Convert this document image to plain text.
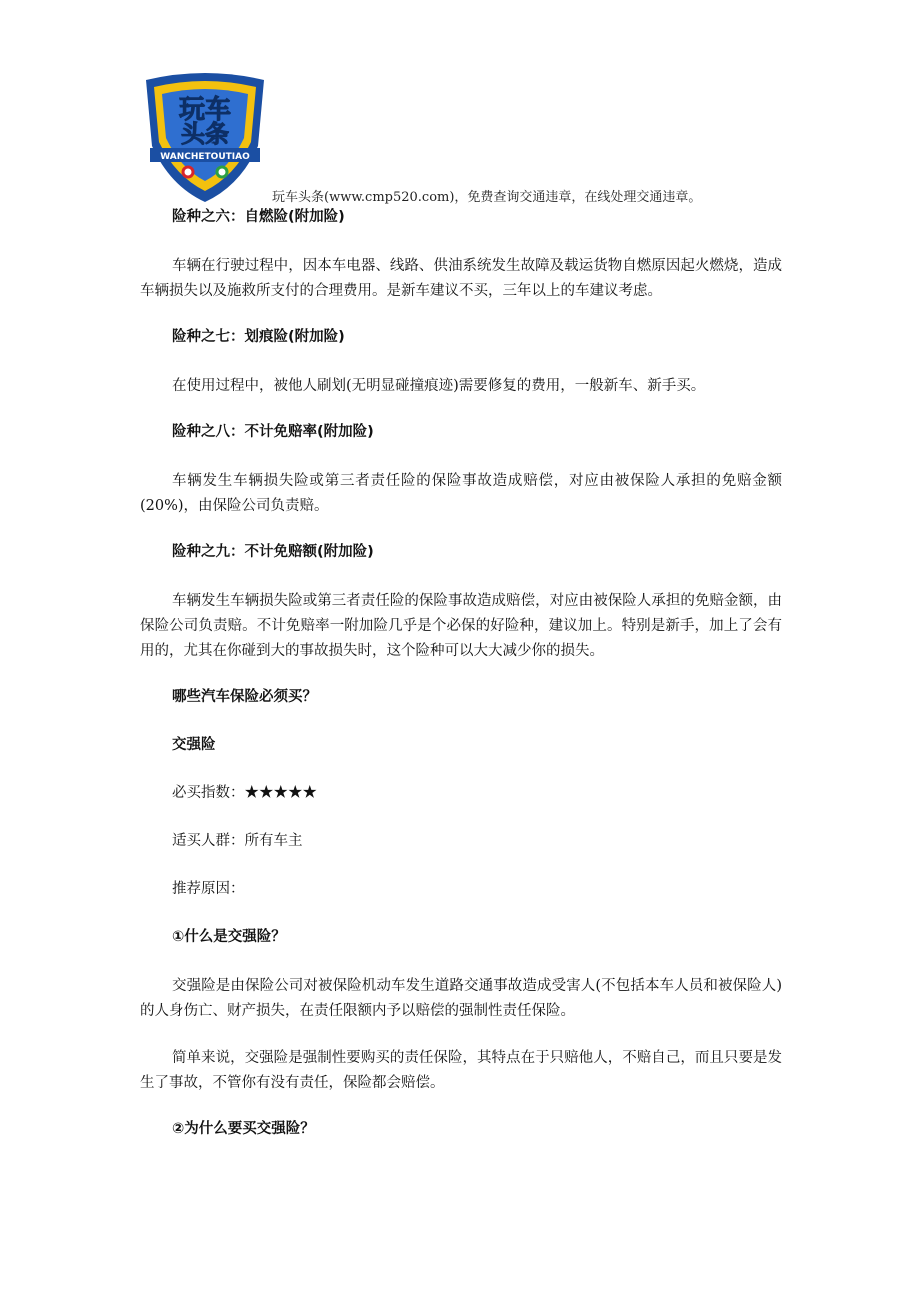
玩车
头条
WANCHETOUTIAO
玩车头条(www.cmp520.com)，免费查询交通违章，在线处理交通违章。

险种之六：自燃险(附加险)

车辆在行驶过程中，因本车电器、线路、供油系统发生故障及载运货物自燃原因起火燃烧，造成车辆损失以及施救所支付的合理费用。是新车建议不买，三年以上的车建议考虑。

险种之七：划痕险(附加险)

在使用过程中，被他人刷划(无明显碰撞痕迹)需要修复的费用，一般新车、新手买。

险种之八：不计免赔率(附加险)

车辆发生车辆损失险或第三者责任险的保险事故造成赔偿，对应由被保险人承担的免赔金额(20%)，由保险公司负责赔。

险种之九：不计免赔额(附加险)

车辆发生车辆损失险或第三者责任险的保险事故造成赔偿，对应由被保险人承担的免赔金额，由保险公司负责赔。不计免赔率一附加险几乎是个必保的好险种，建议加上。特别是新手，加上了会有用的，尤其在你碰到大的事故损失时，这个险种可以大大减少你的损失。

哪些汽车保险必须买？

交强险

必买指数：★★★★★

适买人群：所有车主

推荐原因：

①什么是交强险？

交强险是由保险公司对被保险机动车发生道路交通事故造成受害人(不包括本车人员和被保险人)的人身伤亡、财产损失，在责任限额内予以赔偿的强制性责任保险。

简单来说，交强险是强制性要购买的责任保险，其特点在于只赔他人，不赔自己，而且只要是发生了事故，不管你有没有责任，保险都会赔偿。

②为什么要买交强险？
